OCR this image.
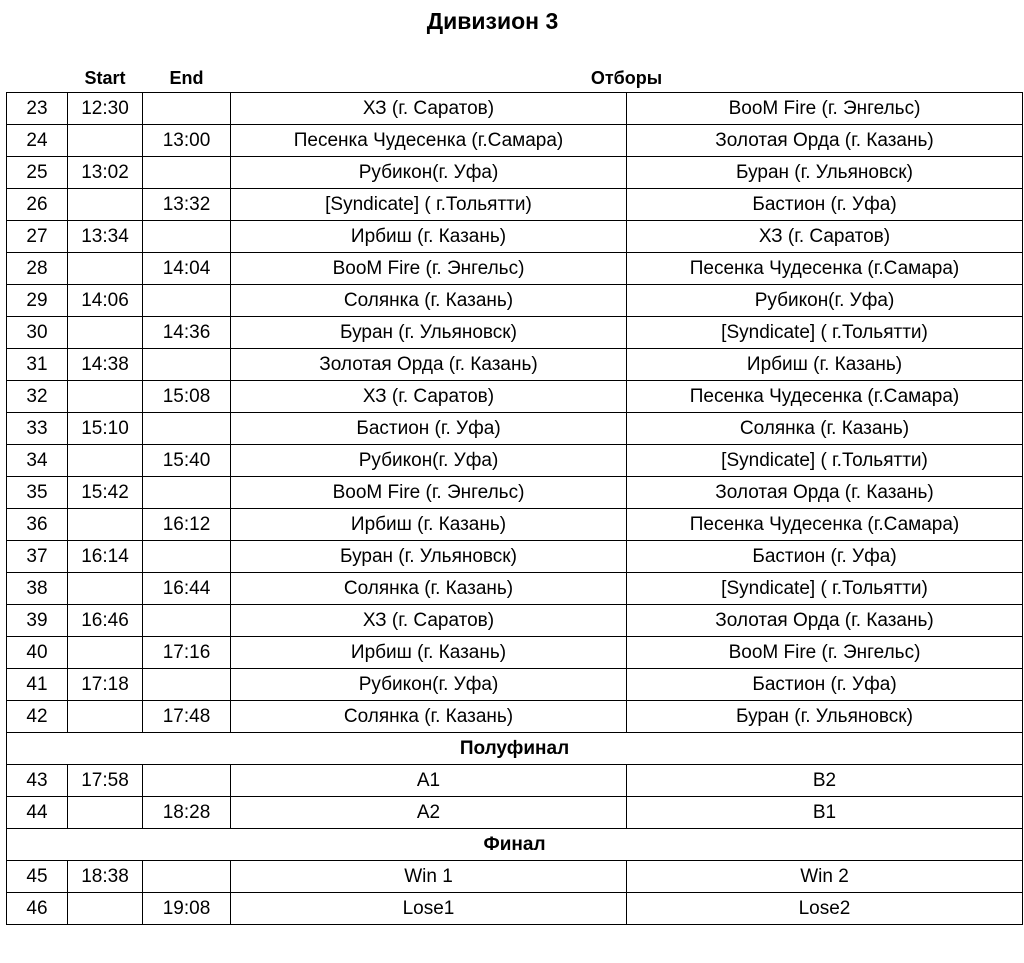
Дивизион 3
	Start	End	Отборы	
23	12:30		ХЗ (г. Саратов)	BooM Fire (г. Энгельс)
24		13:00	Песенка Чудесенка (г.Самара)	Золотая Орда (г. Казань)
25	13:02		Рубикон(г. Уфа)	Буран (г. Ульяновск)
26		13:32	[Syndicate] ( г.Тольятти)	Бастион (г. Уфа)
27	13:34		Ирбиш (г. Казань)	ХЗ (г. Саратов)
28		14:04	BooM Fire (г. Энгельс)	Песенка Чудесенка (г.Самара)
29	14:06		Солянка (г. Казань)	Рубикон(г. Уфа)
30		14:36	Буран (г. Ульяновск)	[Syndicate] ( г.Тольятти)
31	14:38		Золотая Орда (г. Казань)	Ирбиш (г. Казань)
32		15:08	ХЗ (г. Саратов)	Песенка Чудесенка (г.Самара)
33	15:10		Бастион (г. Уфа)	Солянка (г. Казань)
34		15:40	Рубикон(г. Уфа)	[Syndicate] ( г.Тольятти)
35	15:42		BooM Fire (г. Энгельс)	Золотая Орда (г. Казань)
36		16:12	Ирбиш (г. Казань)	Песенка Чудесенка (г.Самара)
37	16:14		Буран (г. Ульяновск)	Бастион (г. Уфа)
38		16:44	Солянка (г. Казань)	[Syndicate] ( г.Тольятти)
39	16:46		ХЗ (г. Саратов)	Золотая Орда (г. Казань)
40		17:16	Ирбиш (г. Казань)	BooM Fire (г. Энгельс)
41	17:18		Рубикон(г. Уфа)	Бастион (г. Уфа)
42		17:48	Солянка (г. Казань)	Буран (г. Ульяновск)
Полуфинал				
43	17:58		A1	B2
44		18:28	A2	B1
Финал				
45	18:38		Win 1	Win 2
46		19:08	Lose1	Lose2
